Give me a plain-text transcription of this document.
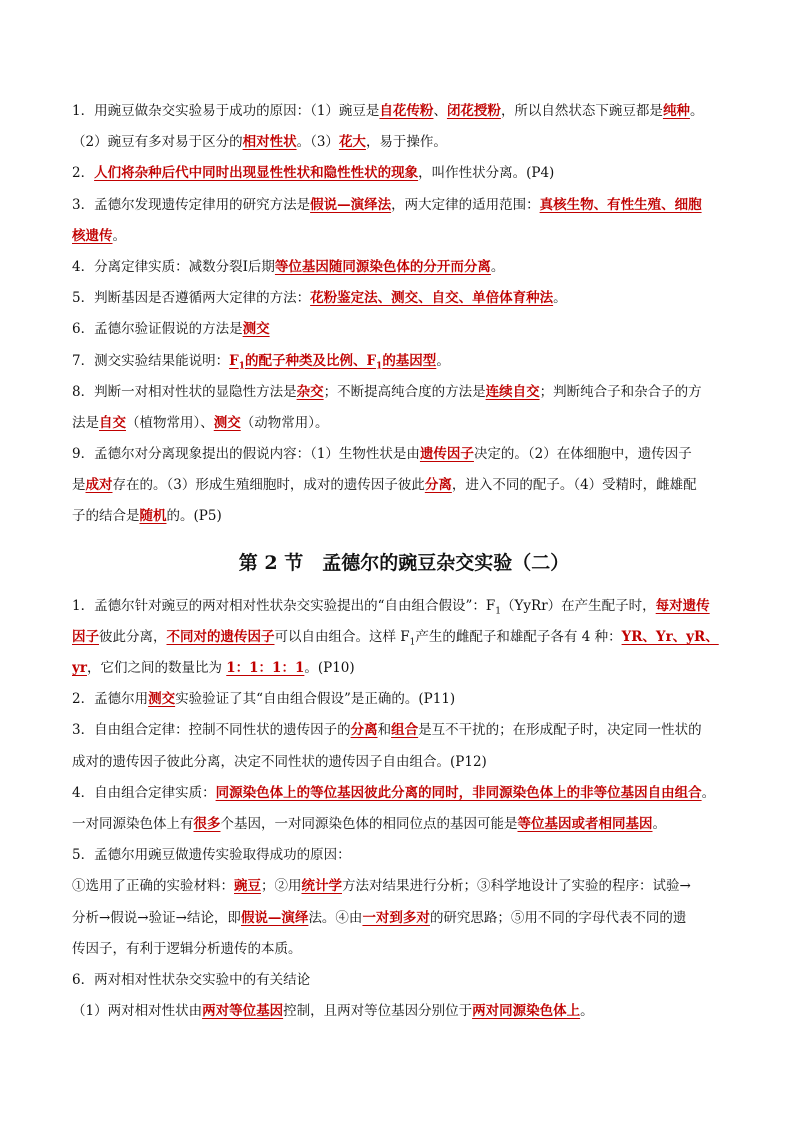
1．用豌豆做杂交实验易于成功的原因：（1）豌豆是自花传粉、闭花授粉，所以自然状态下豌豆都是纯种。
（2）豌豆有多对易于区分的相对性状。（3）花大，易于操作。
2．人们将杂种后代中同时出现显性性状和隐性性状的现象，叫作性状分离。(P4)
3．孟德尔发现遗传定律用的研究方法是假说—演绎法，两大定律的适用范围：真核生物、有性生殖、细胞
核遗传。
4．分离定律实质：减数分裂Ⅰ后期等位基因随同源染色体的分开而分离。
5．判断基因是否遵循两大定律的方法：花粉鉴定法、测交、自交、单倍体育种法。
6．孟德尔验证假说的方法是测交
7．测交实验结果能说明：$F_1$的配子种类及比例、$F_1$的基因型。
8．判断一对相对性状的显隐性方法是杂交；不断提高纯合度的方法是连续自交；判断纯合子和杂合子的方
法是自交（植物常用）、测交（动物常用）。
9．孟德尔对分离现象提出的假说内容：（1）生物性状是由遗传因子决定的。（2）在体细胞中，遗传因子
是成对存在的。（3）形成生殖细胞时，成对的遗传因子彼此分离，进入不同的配子。（4）受精时，雌雄配
子的结合是随机的。(P5)
第 2 节　孟德尔的豌豆杂交实验（二）
1．孟德尔针对豌豆的两对相对性状杂交实验提出的“自由组合假设”：$F_1(YyRr)$在产生配子时，每对遗传
因子彼此分离，不同对的遗传因子可以自由组合。这样 $F_1$产生的雌配子和雄配子各有 4 种：YR、Yr、yR、
yr，它们之间的数量比为 1：1：1：1。(P10)
2．孟德尔用测交实验验证了其“自由组合假设”是正确的。(P11)
3．自由组合定律：控制不同性状的遗传因子的分离和组合是互不干扰的；在形成配子时，决定同一性状的
成对的遗传因子彼此分离，决定不同性状的遗传因子自由组合。(P12)
4．自由组合定律实质：同源染色体上的等位基因彼此分离的同时，非同源染色体上的非等位基因自由组合。
一对同源染色体上有很多个基因，一对同源染色体的相同位点的基因可能是等位基因或者相同基因。
5．孟德尔用豌豆做遗传实验取得成功的原因：
①选用了正确的实验材料：豌豆；②用统计学方法对结果进行分析；③科学地设计了实验的程序：试验→
分析→假说→验证→结论，即假说—演绎法。④由一对到多对的研究思路；⑤用不同的字母代表不同的遗
传因子，有利于逻辑分析遗传的本质。
6．两对相对性状杂交实验中的有关结论
（1）两对相对性状由两对等位基因控制，且两对等位基因分别位于两对同源染色体上。
